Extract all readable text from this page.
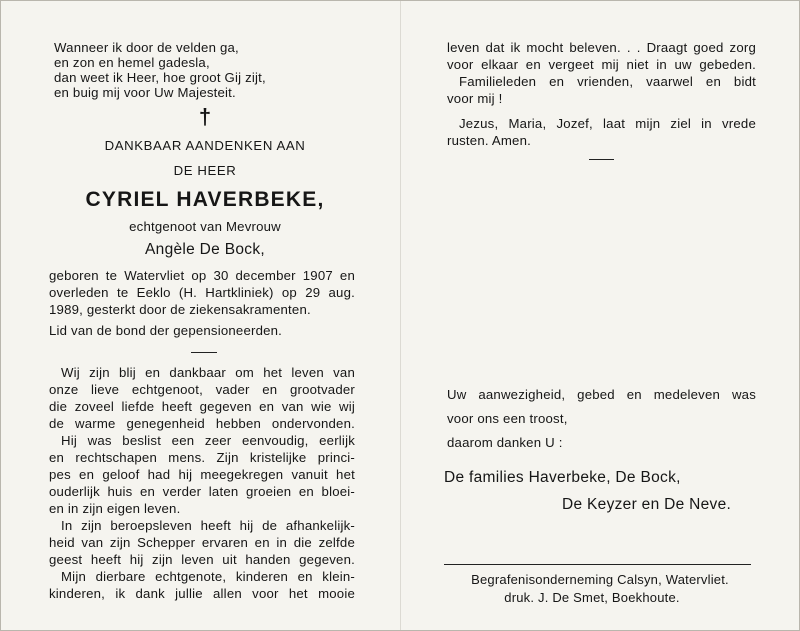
Wanneer ik door de velden ga,
en zon en hemel gadesla,
dan weet ik Heer, hoe groot Gij zijt,
en buig mij voor Uw Majesteit.
†
DANKBAAR AANDENKEN AAN
DE HEER
CYRIEL HAVERBEKE,
echtgenoot van Mevrouw
Angèle De Bock,
geboren te Watervliet op 30 december 1907 en
overleden te Eeklo (H. Hartkliniek) op 29 aug.
1989, gesterkt door de ziekensakramenten.
Lid van de bond der gepensioneerden.
Wij zijn blij en dankbaar om het leven van
onze lieve echtgenoot, vader en grootvader
die zoveel liefde heeft gegeven en van wie wij
de warme genegenheid hebben ondervonden.
Hij was beslist een zeer eenvoudig, eerlijk
en rechtschapen mens. Zijn kristelijke princi-
pes en geloof had hij meegekregen vanuit het
ouderlijk huis en verder laten groeien en bloei-
en in zijn eigen leven.
In zijn beroepsleven heeft hij de afhankelijk-
heid van zijn Schepper ervaren en in die zelfde
geest heeft hij zijn leven uit handen gegeven.
Mijn dierbare echtgenote, kinderen en klein-
kinderen, ik dank jullie allen voor het mooie
leven dat ik mocht beleven. . . Draagt goed zorg
voor elkaar en vergeet mij niet in uw gebeden.
Familieleden en vrienden, vaarwel en bidt
voor mij !
Jezus, Maria, Jozef, laat mijn ziel in vrede
rusten. Amen.
Uw aanwezigheid, gebed en medeleven was
voor ons een troost,
daarom danken U :
De families Haverbeke, De Bock,
De Keyzer en De Neve.
Begrafenisonderneming Calsyn, Watervliet.
druk. J. De Smet, Boekhoute.
